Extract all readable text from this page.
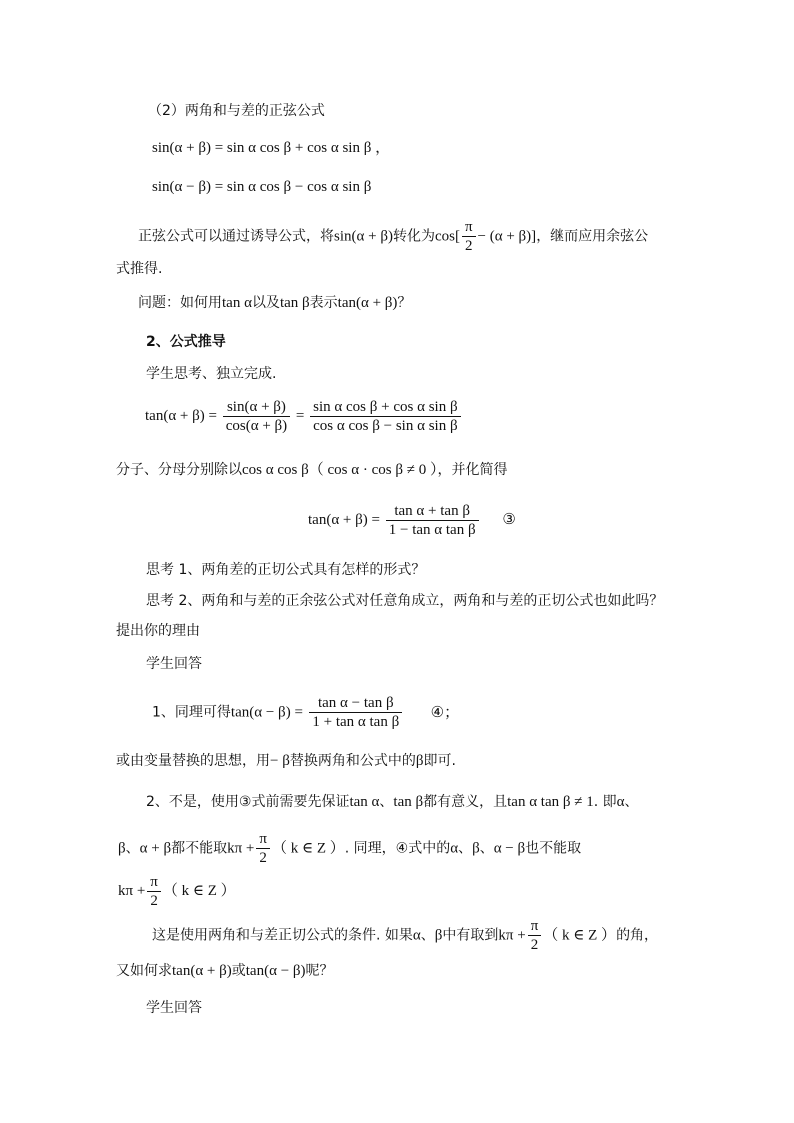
（2）两角和与差的正弦公式
sin(α + β) = sin α cos β + cos α sin β ，
sin(α − β) = sin α cos β − cos α sin β
正弦公式可以通过诱导公式，将sin(α + β)转化为$\cos[ \frac{\pi}{2} - (\alpha + \beta)]$，继而应用余弦公
式推得.
问题：如何用tan α以及tan β表示tan(α + β)？
2、公式推导
学生思考、独立完成.
$\tan(\alpha + \beta) = \frac{\sin(\alpha + \beta)}{\cos(\alpha + \beta)} = \frac{\text{sin α cos β + cos α sin β}}{\text{cos α cos β − sin α sin β}}$
分子、分母分别除以cos α cos β（ cos α · cos β ≠ 0 ），并化简得
$\tan(\alpha + \beta) = \frac{\text{tan α + tan β}}{\text{1 − tan α tan β}}$ ③
思考 1、两角差的正切公式具有怎样的形式？
思考 2、两角和与差的正余弦公式对任意角成立，两角和与差的正切公式也如此吗？
提出你的理由
学生回答
1、同理可得$\tan(\alpha - \beta) = \frac{\text{tan α − tan β}}{\text{1 + tan α tan β}}$ ④；
或由变量替换的思想，用− β替换两角和公式中的β即可.
2、不是，使用③式前需要先保证tan α、tan β都有意义，且tan α tan β ≠ 1. 即α、
β、α + β都不能取$k\pi + \frac{\pi}{2}$ （ k ∈ Z ）. 同理，④式中的α、β、α − β也不能取
$k\pi + \frac{\pi}{2}$ （ k ∈ Z ）
这是使用两角和与差正切公式的条件. 如果α、β中有取到$k\pi + \frac{\pi}{2}$ （ k ∈ Z ）的角，
又如何求tan(α + β)或tan(α − β)呢？
学生回答
